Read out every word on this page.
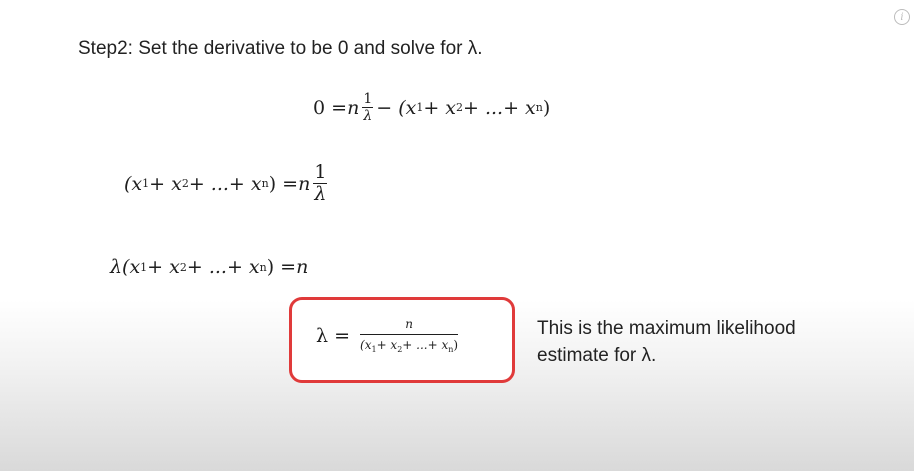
i
Step2: Set the derivative to be 0 and solve for λ.
0 = n $\frac{1}{\lambda} - (x$ 1 + x 2 + ...+ x n )
(x 1 + x 2 + ...+ x n ) = n $\frac{1}{\lambda}$
λ(x 1 + x 2 + ...+ x n ) = n
$\lambda = \frac{n}{(x_1+ x_2+ ...+ x_n)}$	This is the maximum likelihood
estimate for λ.
